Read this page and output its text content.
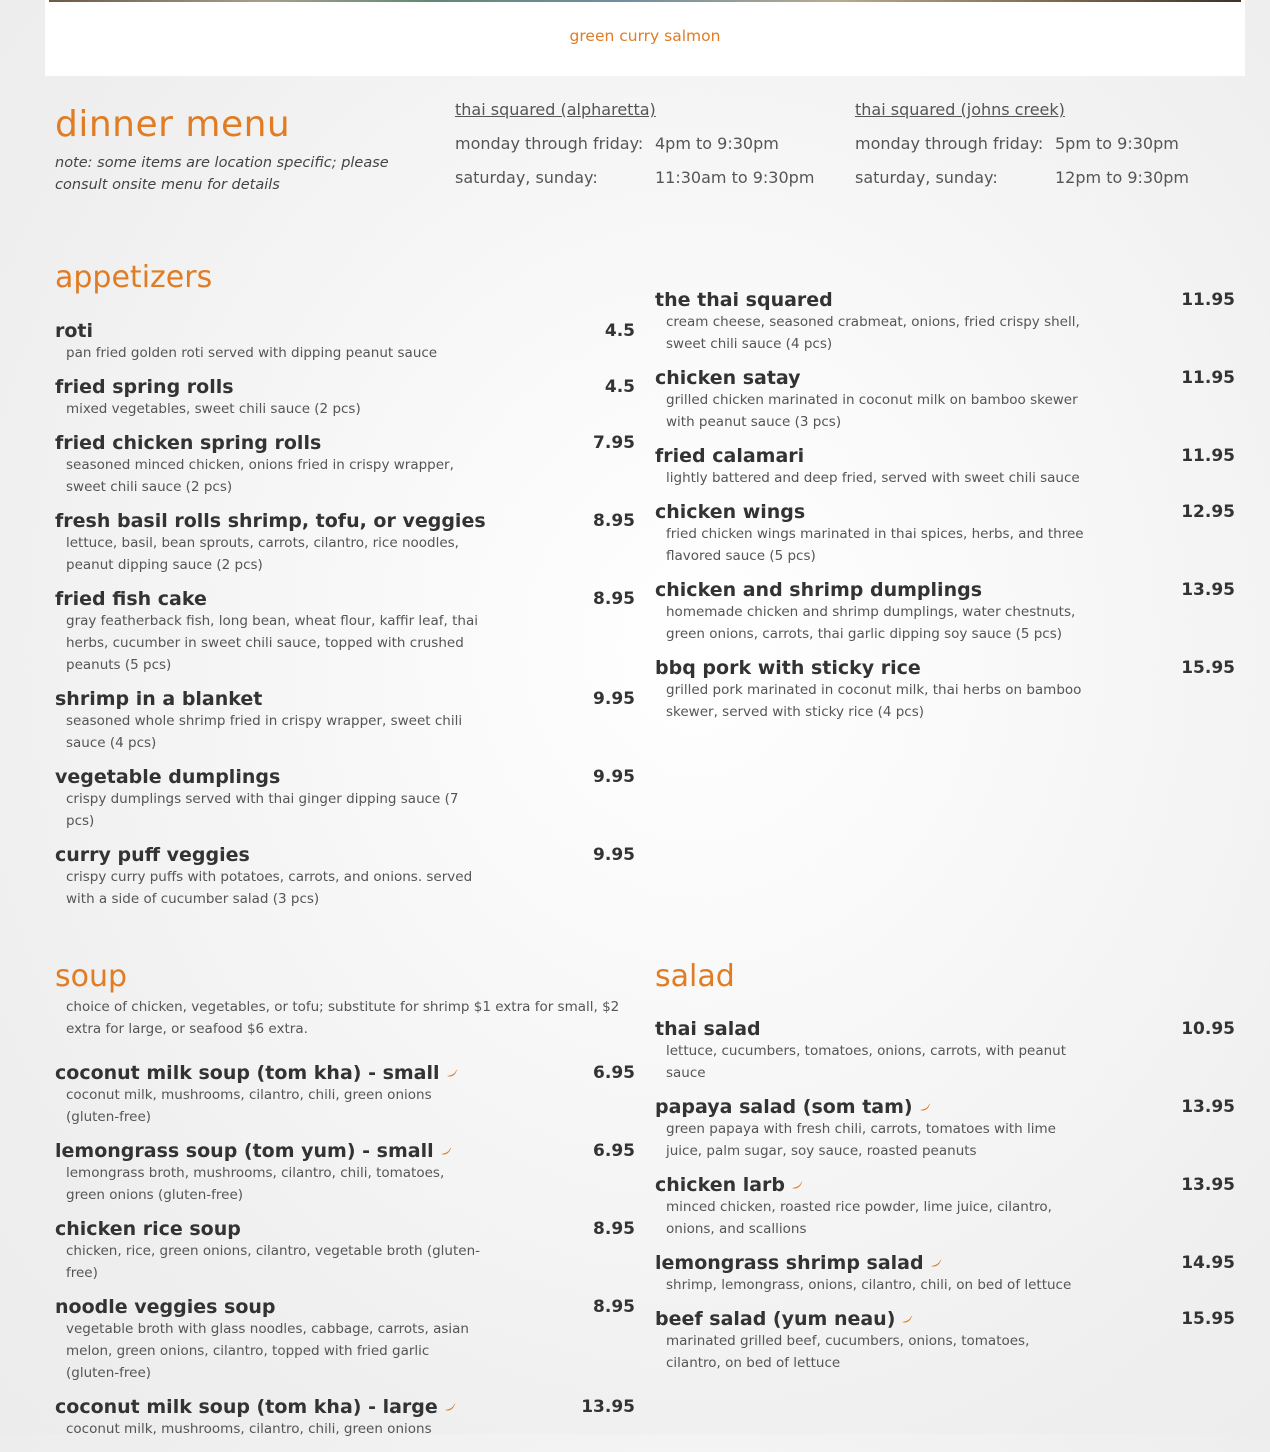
green curry salmon
dinner menu
note: some items are location specific; please consult onsite menu for details
thai squared (alpharetta)
monday through friday: 4pm to 9:30pm
saturday, sunday:	11:30am to 9:30pm
thai squared (johns creek)
monday through friday: 5pm to 9:30pm
saturday, sunday:	12pm to 9:30pm
appetizers
roti	4.5
pan fried golden roti served with dipping peanut sauce
fried spring rolls	4.5
mixed vegetables, sweet chili sauce (2 pcs)
fried chicken spring rolls	7.95
seasoned minced chicken, onions fried in crispy wrapper, sweet chili sauce (2 pcs)
fresh basil rolls shrimp, tofu, or veggies	8.95
lettuce, basil, bean sprouts, carrots, cilantro, rice noodles, peanut dipping sauce (2 pcs)
fried fish cake	8.95
gray featherback fish, long bean, wheat flour, kaffir leaf, thai herbs, cucumber in sweet chili sauce, topped with crushed peanuts (5 pcs)
shrimp in a blanket	9.95
seasoned whole shrimp fried in crispy wrapper, sweet chili sauce (4 pcs)
vegetable dumplings	9.95
crispy dumplings served with thai ginger dipping sauce (7 pcs)
curry puff veggies	9.95
crispy curry puffs with potatoes, carrots, and onions. served with a side of cucumber salad (3 pcs)
the thai squared	11.95
cream cheese, seasoned crabmeat, onions, fried crispy shell, sweet chili sauce (4 pcs)
chicken satay	11.95
grilled chicken marinated in coconut milk on bamboo skewer with peanut sauce (3 pcs)
fried calamari	11.95
lightly battered and deep fried, served with sweet chili sauce
chicken wings	12.95
fried chicken wings marinated in thai spices, herbs, and three flavored sauce (5 pcs)
chicken and shrimp dumplings	13.95
homemade chicken and shrimp dumplings, water chestnuts, green onions, carrots, thai garlic dipping soy sauce (5 pcs)
bbq pork with sticky rice	15.95
grilled pork marinated in coconut milk, thai herbs on bamboo skewer, served with sticky rice (4 pcs)
soup
choice of chicken, vegetables, or tofu; substitute for shrimp $1 extra for small, $2 extra for large, or seafood $6 extra.
coconut milk soup (tom kha) - small	6.95
coconut milk, mushrooms, cilantro, chili, green onions (gluten-free)
lemongrass soup (tom yum) - small	6.95
lemongrass broth, mushrooms, cilantro, chili, tomatoes, green onions (gluten-free)
chicken rice soup	8.95
chicken, rice, green onions, cilantro, vegetable broth (gluten-free)
noodle veggies soup	8.95
vegetable broth with glass noodles, cabbage, carrots, asian melon, green onions, cilantro, topped with fried garlic (gluten-free)
coconut milk soup (tom kha) - large	13.95
coconut milk, mushrooms, cilantro, chili, green onions
salad
thai salad	10.95
lettuce, cucumbers, tomatoes, onions, carrots, with peanut sauce
papaya salad (som tam)	13.95
green papaya with fresh chili, carrots, tomatoes with lime juice, palm sugar, soy sauce, roasted peanuts
chicken larb	13.95
minced chicken, roasted rice powder, lime juice, cilantro, onions, and scallions
lemongrass shrimp salad	14.95
shrimp, lemongrass, onions, cilantro, chili, on bed of lettuce
beef salad (yum neau)	15.95
marinated grilled beef, cucumbers, onions, tomatoes, cilantro, on bed of lettuce
